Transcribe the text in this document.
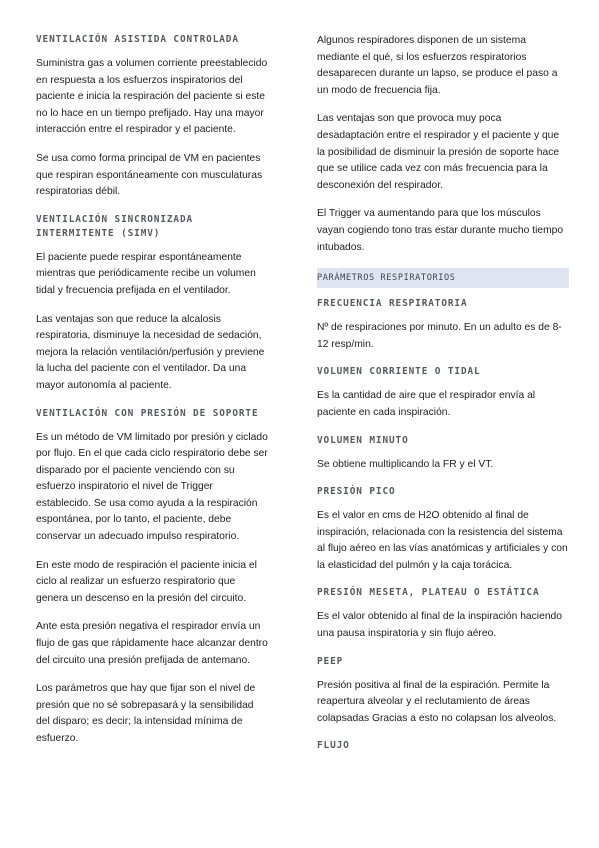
VENTILACIÓN ASISTIDA CONTROLADA

Suministra gas a volumen corriente preestablecido en respuesta a los esfuerzos inspiratorios del paciente e inicia la respiración del paciente si este no lo hace en un tiempo prefijado. Hay una mayor interacción entre el respirador y el paciente.

Se usa como forma principal de VM en pacientes que respiran espontáneamente con musculaturas respiratorias débil.

VENTILACIÓN SINCRONIZADA INTERMITENTE (SIMV)

El paciente puede respirar espontáneamente mientras que periódicamente recibe un volumen tidal y frecuencia prefijada en el ventilador.

Las ventajas son que reduce la alcalosis respiratoria, disminuye la necesidad de sedación, mejora la relación ventilación/perfusión y previene la lucha del paciente con el ventilador. Da una mayor autonomía al paciente.

VENTILACIÓN CON PRESIÓN DE SOPORTE

Es un método de VM limitado por presión y ciclado por flujo. En el que cada ciclo respiratorio debe ser disparado por el paciente venciendo con su esfuerzo inspiratorio el nivel de Trigger establecido. Se usa como ayuda a la respiración espontánea, por lo tanto, el paciente, debe conservar un adecuado impulso respiratorio.

En este modo de respiración el paciente inicia el ciclo al realizar un esfuerzo respiratorio que genera un descenso en la presión del circuito.

Ante esta presión negativa el respirador envía un flujo de gas que rápidamente hace alcanzar dentro del circuito una presión prefijada de antemano.

Los parámetros que hay que fijar son el nivel de presión que no sé sobrepasará y la sensibilidad del disparo; es decir; la intensidad mínima de esfuerzo.

Algunos respiradores disponen de un sistema mediante el qué, si los esfuerzos respiratorios desaparecen durante un lapso, se produce el paso a un modo de frecuencia fija.

Las ventajas son que provoca muy poca desadaptación entre el respirador y el paciente y que la posibilidad de disminuir la presión de soporte hace que se utilice cada vez con más frecuencia para la desconexión del respirador.

El Trigger va aumentando para que los músculos vayan cogiendo tono tras estar durante mucho tiempo intubados.

PARÁMETROS RESPIRATORIOS
FRECUENCIA RESPIRATORIA

Nº de respiraciones por minuto. En un adulto es de 8-12 resp/min.

VOLUMEN CORRIENTE O TIDAL

Es la cantidad de aire que el respirador envía al paciente en cada inspiración.

VOLUMEN MINUTO

Se obtiene multiplicando la FR y el VT.

PRESIÓN PICO

Es el valor en cms de H2O obtenido al final de inspiración, relacionada con la resistencia del sistema al flujo aéreo en las vías anatómicas y artificiales y con la elasticidad del pulmón y la caja torácica.

PRESIÓN MESETA, PLATEAU O ESTÁTICA

Es el valor obtenido al final de la inspiración haciendo una pausa inspiratoria y sin flujo aéreo.

PEEP

Presión positiva al final de la espiración. Permite la reapertura alveolar y el reclutamiento de áreas colapsadas Gracias a esto no colapsan los alveolos.

FLUJO
